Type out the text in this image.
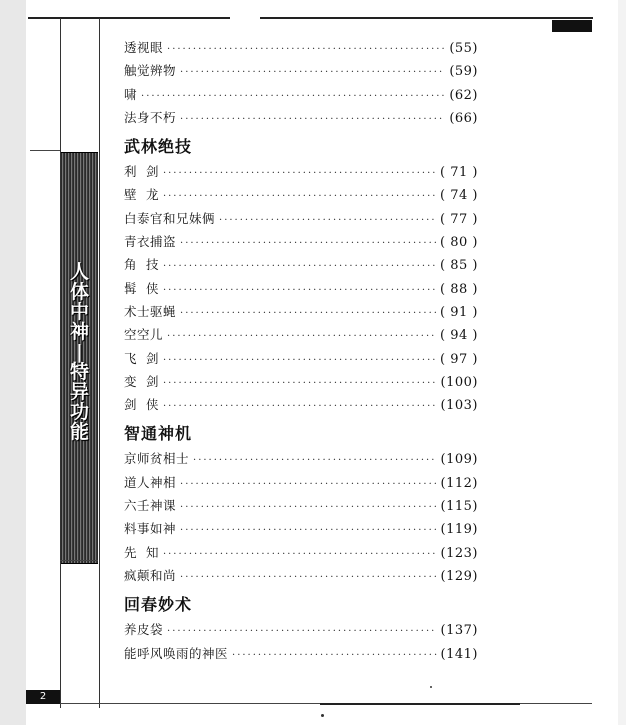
人
体
中
神
|
特
异
功
能
透视眼 ·····	(55)
触觉辨物 ·····	(59)
啸 ·····	(62)
法身不朽 ·····	(66)
武林绝技
利  剑 ·····	( 71 )
壁  龙 ·····	( 74 )
白泰官和兄妹俩 ·····	( 77 )
青衣捕盗 ·····	( 80 )
角  技 ·····	( 85 )
髯  侠 ·····	( 88 )
术士驱蝇 ·····	( 91 )
空空儿 ·····	( 94 )
飞  剑 ·····	( 97 )
变  剑 ·····	(100)
剑  侠 ·····	(103)
智通神机
京师贫相士 ·····	(109)
道人神相 ·····	(112)
六壬神课 ·····	(115)
料事如神 ·····	(119)
先  知 ·····	(123)
疯颠和尚 ·····	(129)
回春妙术
养皮袋 ·····	(137)
能呼风唤雨的神医 ·····	(141)
2
